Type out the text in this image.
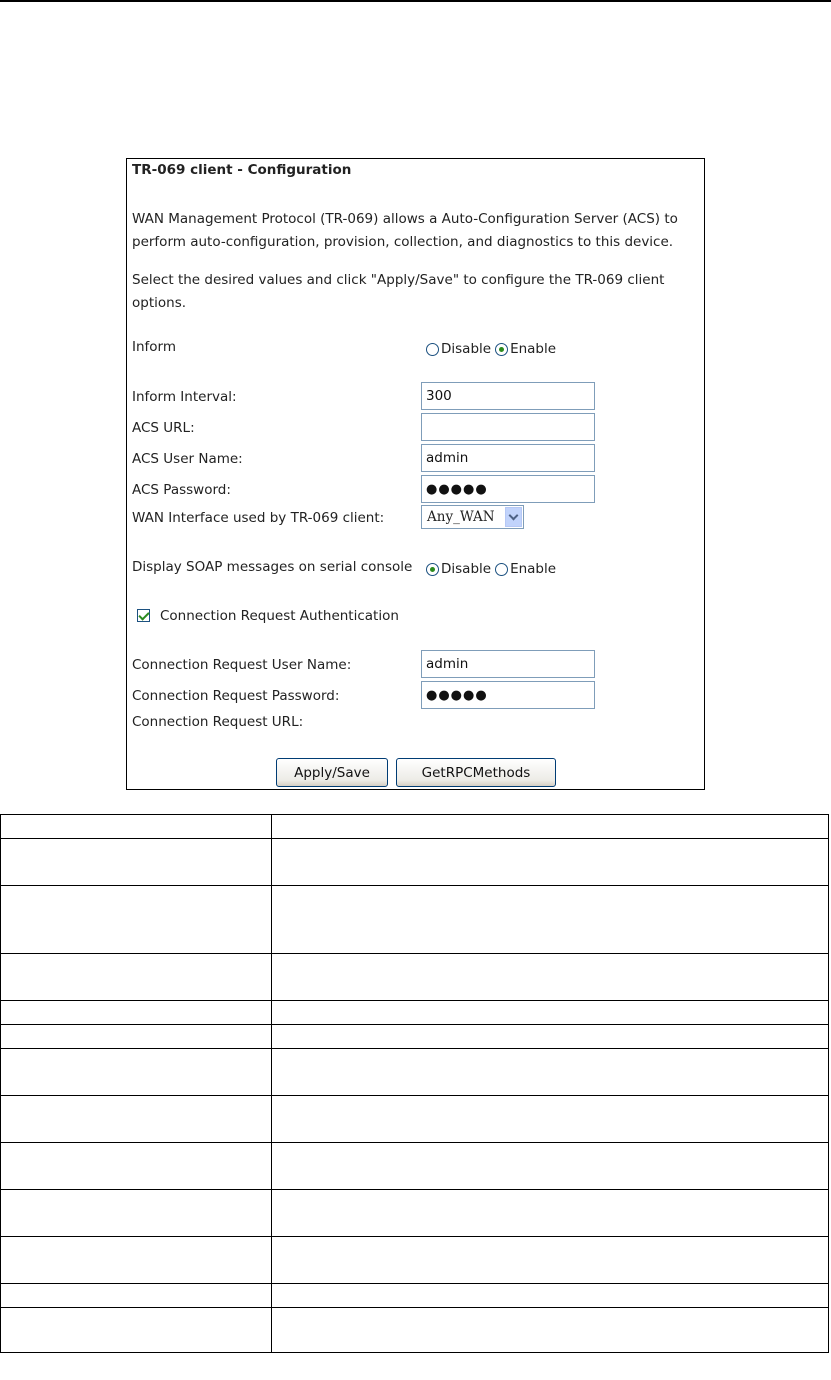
TR-069 client - Configuration
WAN Management Protocol (TR-069) allows a Auto-Configuration Server (ACS) to perform auto-configuration, provision, collection, and diagnostics to this device.
Select the desired values and click "Apply/Save" to configure the TR-069 client options.
Inform	Disable Enable
Inform Interval:
300
ACS URL:
ACS User Name:
admin
ACS Password:
●●●●●
WAN Interface used by TR-069 client:	Any_WAN
Display SOAP messages on serial console Disable Enable
Connection Request Authentication
Connection Request User Name:
admin
Connection Request Password:
●●●●●
Connection Request URL:
Apply/Save	GetRPCMethods
